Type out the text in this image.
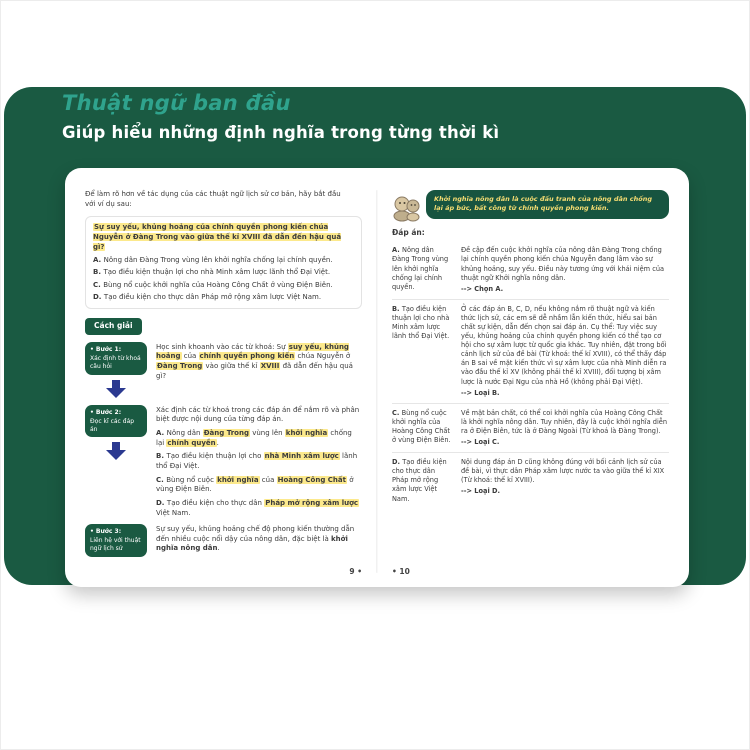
Thuật ngữ ban đầu
Giúp hiểu những định nghĩa trong từng thời kì

Để làm rõ hơn về tác dụng của các thuật ngữ lịch sử cơ bản, hãy bắt đầu với ví dụ sau:

Sự suy yếu, khủng hoảng của chính quyền phong kiến chúa Nguyễn ở Đàng Trong vào giữa thế kỉ XVIII đã dẫn đến hậu quả gì?

A. Nông dân Đàng Trong vùng lên khởi nghĩa chống lại chính quyền.

B. Tạo điều kiện thuận lợi cho nhà Minh xâm lược lãnh thổ Đại Việt.

C. Bùng nổ cuộc khởi nghĩa của Hoàng Công Chất ở vùng Điện Biên.

D. Tạo điều kiện cho thực dân Pháp mở rộng xâm lược Việt Nam.

Cách giải
• Bước 1:
Xác định từ khoá câu hỏi

Học sinh khoanh vào các từ khoá: Sự suy yếu, khủng hoảng của chính quyền phong kiến chúa Nguyễn ở Đàng Trong vào giữa thế kỉ XVIII đã dẫn đến hậu quả gì?

• Bước 2:
Đọc kĩ các đáp án

Xác định các từ khoá trong các đáp án để nắm rõ và phân biệt được nội dung của từng đáp án.

A. Nông dân Đàng Trong vùng lên khởi nghĩa chống lại chính quyền.

B. Tạo điều kiện thuận lợi cho nhà Minh xâm lược lãnh thổ Đại Việt.

C. Bùng nổ cuộc khởi nghĩa của Hoàng Công Chất ở vùng Điện Biên.

D. Tạo điều kiện cho thực dân Pháp mở rộng xâm lược Việt Nam.

• Bước 3:
Liên hệ với thuật ngữ lịch sử

Sự suy yếu, khủng hoảng chế độ phong kiến thường dẫn đến nhiều cuộc nổi dậy của nông dân, đặc biệt là khởi nghĩa nông dân.

9 •
Khởi nghĩa nông dân là cuộc đấu tranh của nông dân chống lại áp bức, bất công từ chính quyền phong kiến.
Đáp án:
A. Nông dân Đàng Trong vùng lên khởi nghĩa chống lại chính quyền.
Đề cập đến cuộc khởi nghĩa của nông dân Đàng Trong chống lại chính quyền phong kiến chúa Nguyễn đang lâm vào sự khủng hoảng, suy yếu. Điều này tương ứng với khái niệm của thuật ngữ Khởi nghĩa nông dân.
--> Chọn A.
B. Tạo điều kiện thuận lợi cho nhà Minh xâm lược lãnh thổ Đại Việt.
Ở các đáp án B, C, D, nếu không nắm rõ thuật ngữ và kiến thức lịch sử, các em sẽ dễ nhầm lẫn kiến thức, hiểu sai bản chất sự kiện, dẫn đến chọn sai đáp án. Cụ thể: Tuy việc suy yếu, khủng hoảng của chính quyền phong kiến có thể tạo cơ hội cho sự xâm lược từ quốc gia khác. Tuy nhiên, đặt trong bối cảnh lịch sử của đề bài (Từ khoá: thế kỉ XVIII), có thể thấy đáp án B sai về mặt kiến thức vì sự xâm lược của nhà Minh diễn ra vào đầu thế kỉ XV (không phải thế kỉ XVIII), đối tượng bị xâm lược là nước Đại Ngu của nhà Hồ (không phải Đại Việt).
--> Loại B.
C. Bùng nổ cuộc khởi nghĩa của Hoàng Công Chất ở vùng Điện Biên.
Về mặt bản chất, có thể coi khởi nghĩa của Hoàng Công Chất là khởi nghĩa nông dân. Tuy nhiên, đây là cuộc khởi nghĩa diễn ra ở Điện Biên, tức là ở Đàng Ngoài (Từ khoá là Đàng Trong).
--> Loại C.
D. Tạo điều kiện cho thực dân Pháp mở rộng xâm lược Việt Nam.
Nội dung đáp án D cũng không đúng với bối cảnh lịch sử của đề bài, vì thực dân Pháp xâm lược nước ta vào giữa thế kỉ XIX (Từ khoá: thế kỉ XVIII).
--> Loại D.
• 10
